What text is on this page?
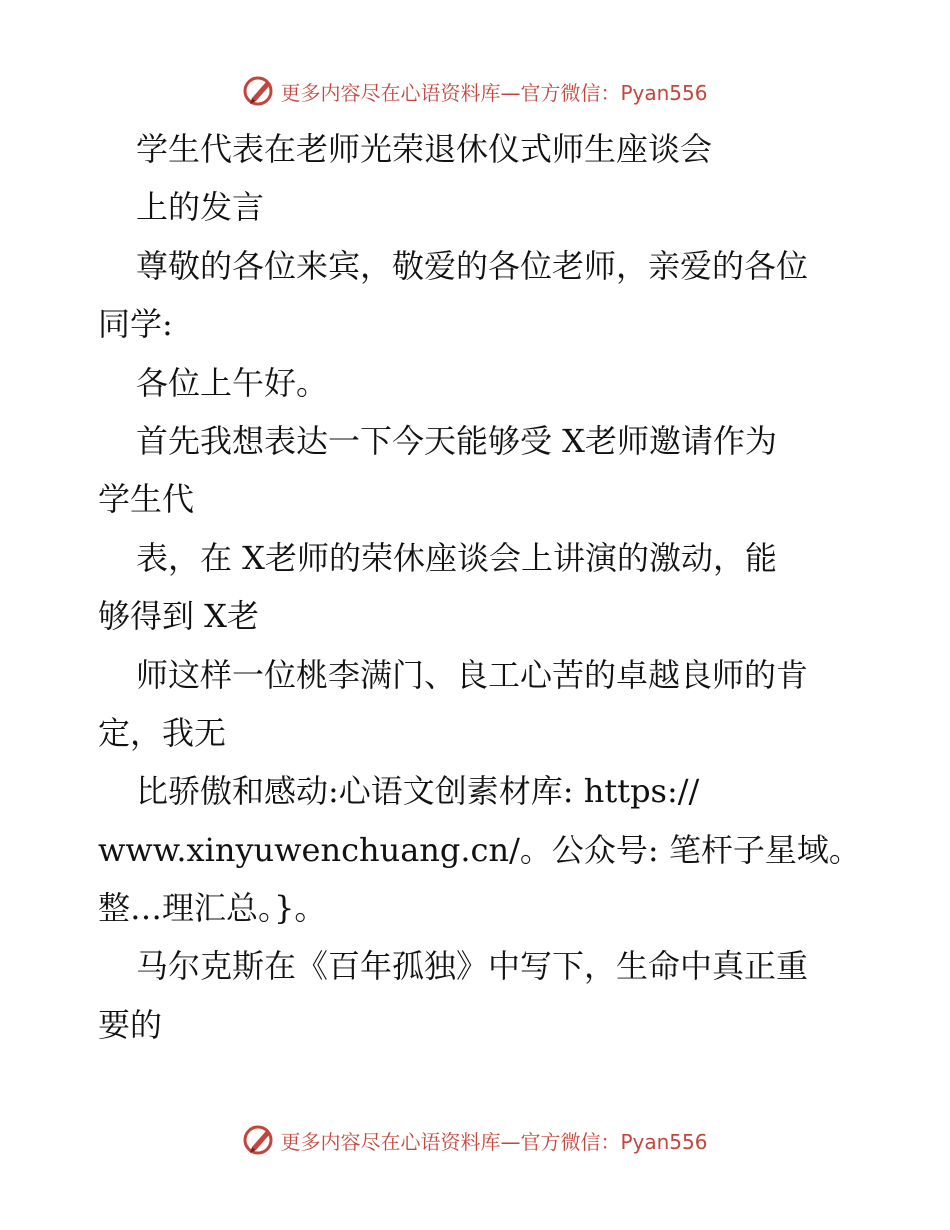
更多内容尽在心语资料库—官方微信：Pyan556
学生代表在老师光荣退休仪式师生座谈会
上的发言
尊敬的各位来宾，敬爱的各位老师，亲爱的各位
同学:
各位上午好。
首先我想表达一下今天能够受 X老师邀请作为
学生代
表，在 X老师的荣休座谈会上讲演的激动，能
够得到 X老
师这样一位桃李满门、良工心苦的卓越良师的肯
定，我无
比骄傲和感动:心语文创素材库: https://
www.xinyuwenchuang.cn/。公众号: 笔杆子星域。
整…理汇总。}。
马尔克斯在《百年孤独》中写下，生命中真正重
要的
更多内容尽在心语资料库—官方微信：Pyan556
